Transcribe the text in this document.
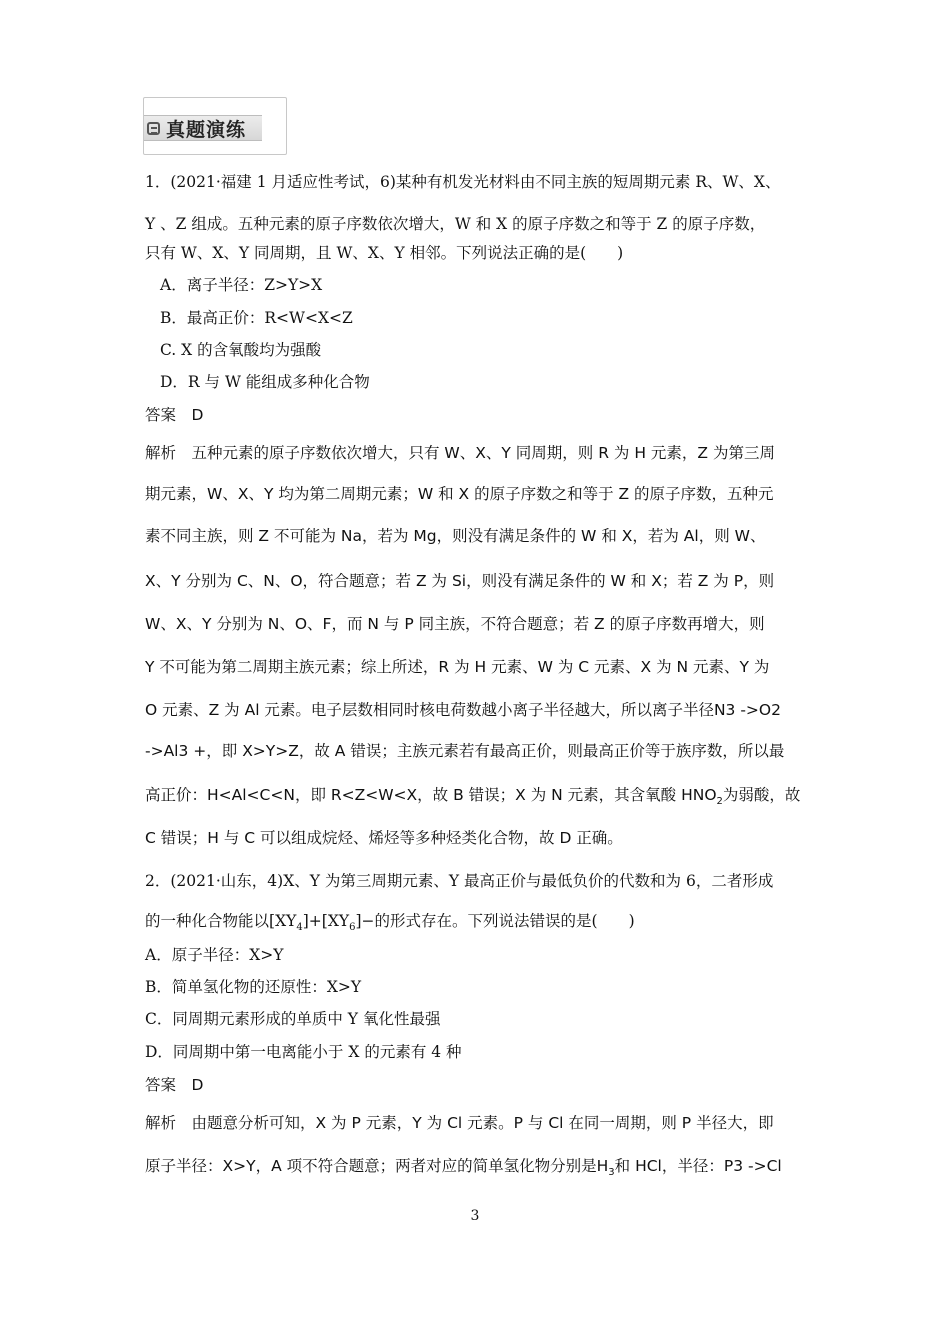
真题演练
1．(2021·福建 1 月适应性考试，6)某种有机发光材料由不同主族的短周期元素 R、W、X、
Y 、Z 组成。五种元素的原子序数依次增大，W 和 X 的原子序数之和等于 Z 的原子序数，
只有 W、X、Y 同周期，且 W、X、Y 相邻。下列说法正确的是(　　)
A．离子半径：Z>Y>X
B．最高正价：R<W<X<Z
C. X 的含氧酸均为强酸
D．R 与 W 能组成多种化合物
答案　D
解析　五种元素的原子序数依次增大，只有 W、X、Y 同周期，则 R 为 H 元素，Z 为第三周
期元素，W、X、Y 均为第二周期元素；W 和 X 的原子序数之和等于 Z 的原子序数，五种元
素不同主族，则 Z 不可能为 Na，若为 Mg，则没有满足条件的 W 和 X，若为 Al，则 W、
X、Y 分别为 C、N、O，符合题意；若 Z 为 Si，则没有满足条件的 W 和 X；若 Z 为 P，则
W、X、Y 分别为 N、O、F，而 N 与 P 同主族，不符合题意；若 Z 的原子序数再增大，则
Y 不可能为第二周期主族元素；综上所述，R 为 H 元素、W 为 C 元素、X 为 N 元素、Y 为
O 元素、Z 为 Al 元素。电子层数相同时核电荷数越小离子半径越大，所以离子半径N3 ->O2
->Al3 +，即 X>Y>Z，故 A 错误；主族元素若有最高正价，则最高正价等于族序数，所以最
高正价：H<Al<C<N，即 R<Z<W<X，故 B 错误；X 为 N 元素，其含氧酸 $HNO_2$为弱酸，故
C 错误；H 与 C 可以组成烷烃、烯烃等多种烃类化合物，故 D 正确。
2．(2021·山东，4)X、Y 为第三周期元素、Y 最高正价与最低负价的代数和为 6，二者形成
的一种化合物能以$[XY_4]+[XY_6]-$的形式存在。下列说法错误的是(　　)
A．原子半径：X>Y
B．简单氢化物的还原性：X>Y
C．同周期元素形成的单质中 Y 氧化性最强
D．同周期中第一电离能小于 X 的元素有 4 种
答案　D
解析　由题意分析可知，X 为 P 元素，Y 为 Cl 元素。P 与 Cl 在同一周期，则 P 半径大，即
原子半径：X>Y，A 项不符合题意；两者对应的简单氢化物分别是$H_3$和 HCl，半径：P3 ->Cl
3
